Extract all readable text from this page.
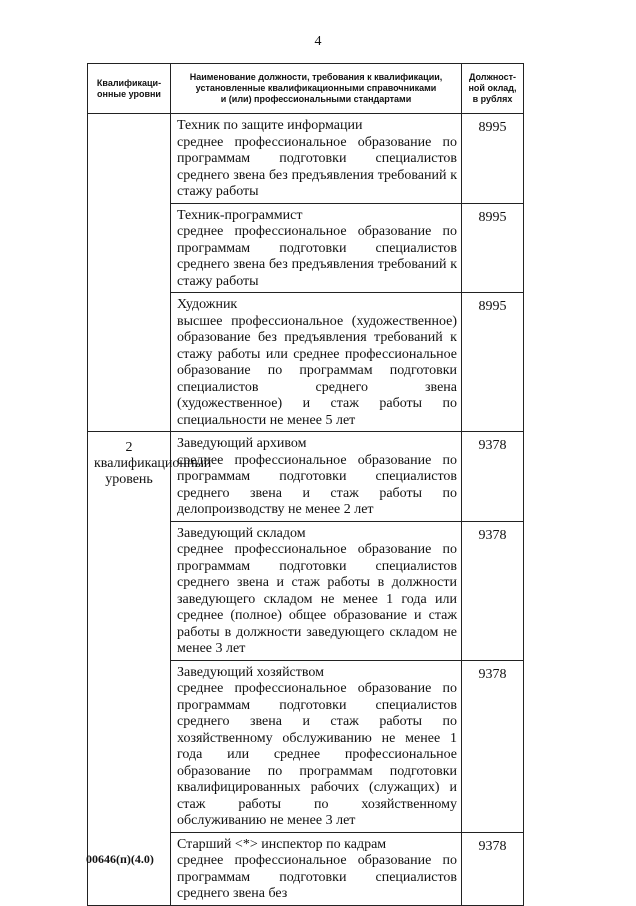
4
Квалификаци-
онные уровни	Наименование должности, требования к квалификации,
установленные квалификационными справочниками
и (или) профессиональными стандартами	Должност-
ной оклад,
в рублях

	Техник по защите информации
среднее профессиональное образование по программам подготовки специалистов среднего звена без предъявления требований к стажу работы	8995

	Техник-программист
среднее профессиональное образование по программам подготовки специалистов среднего звена без предъявления требований к стажу работы	8995

	Художник
высшее профессиональное (художественное) образование без предъявления требований к стажу работы или среднее профессиональное образование по программам подготовки специалистов среднего звена (художественное) и стаж работы по специальности не менее 5 лет	8995

2 квалификационный уровень	Заведующий архивом
среднее профессиональное образование по программам подготовки специалистов среднего звена и стаж работы по делопроизводству не менее 2 лет	9378

	Заведующий складом
среднее профессиональное образование по программам подготовки специалистов среднего звена и стаж работы в должности заведующего складом не менее 1 года или среднее (полное) общее образование и стаж работы в должности заведующего складом не менее 3 лет	9378

	Заведующий хозяйством
среднее профессиональное образование по программам подготовки специалистов среднего звена и стаж работы по хозяйственному обслуживанию не менее 1 года или среднее профессиональное образование по программам подготовки квалифицированных рабочих (служащих) и стаж работы по хозяйственному обслуживанию не менее 3 лет	9378

	Старший <*> инспектор по кадрам
среднее профессиональное образование по программам подготовки специалистов среднего звена без	9378
00646(п)(4.0)
